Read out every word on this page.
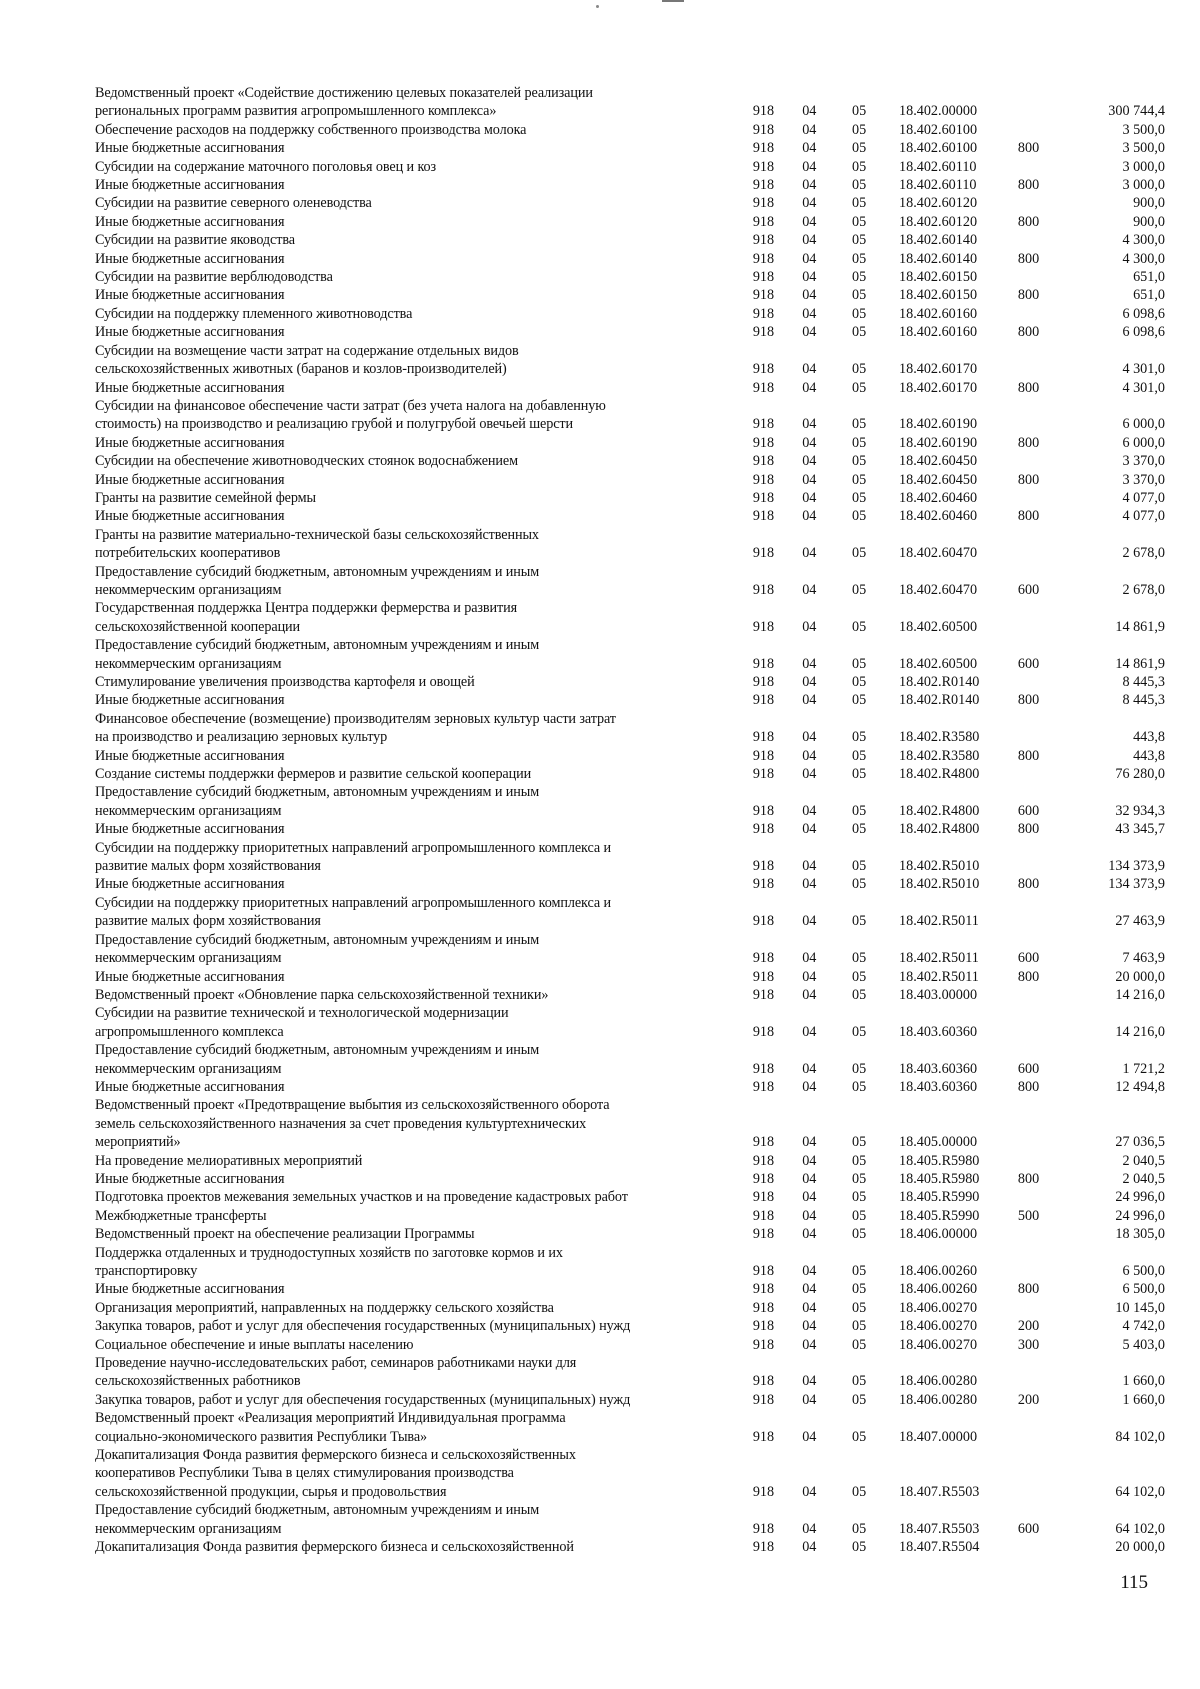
Ведомственный проект «Содействие достижению целевых показателей реализации
региональных программ развития агропромышленного комплекса»	918	04	05	18.402.00000	300 744,4
Обеспечение расходов на поддержку собственного производства молока	918	04	05	18.402.60100	3 500,0
Иные бюджетные ассигнования	918	04	05	18.402.60100	800	3 500,0
Субсидии на содержание маточного поголовья овец и коз	918	04	05	18.402.60110	3 000,0
Иные бюджетные ассигнования	918	04	05	18.402.60110	800	3 000,0
Субсидии на развитие северного оленеводства	918	04	05	18.402.60120	900,0
Иные бюджетные ассигнования	918	04	05	18.402.60120	800	900,0
Субсидии на развитие яководства	918	04	05	18.402.60140	4 300,0
Иные бюджетные ассигнования	918	04	05	18.402.60140	800	4 300,0
Субсидии на развитие верблюдоводства	918	04	05	18.402.60150	651,0
Иные бюджетные ассигнования	918	04	05	18.402.60150	800	651,0
Субсидии на поддержку племенного животноводства	918	04	05	18.402.60160	6 098,6
Иные бюджетные ассигнования	918	04	05	18.402.60160	800	6 098,6
Субсидии на возмещение части затрат на содержание отдельных видов
сельскохозяйственных животных (баранов и козлов-производителей)	918	04	05	18.402.60170	4 301,0
Иные бюджетные ассигнования	918	04	05	18.402.60170	800	4 301,0
Субсидии на финансовое обеспечение части затрат (без учета налога на добавленную
стоимость) на производство и реализацию грубой и полугрубой овечьей шерсти	918	04	05	18.402.60190	6 000,0
Иные бюджетные ассигнования	918	04	05	18.402.60190	800	6 000,0
Субсидии на обеспечение животноводческих стоянок водоснабжением	918	04	05	18.402.60450	3 370,0
Иные бюджетные ассигнования	918	04	05	18.402.60450	800	3 370,0
Гранты на развитие семейной фермы	918	04	05	18.402.60460	4 077,0
Иные бюджетные ассигнования	918	04	05	18.402.60460	800	4 077,0
Гранты на развитие материально-технической базы сельскохозяйственных
потребительских кооперативов	918	04	05	18.402.60470	2 678,0
Предоставление субсидий бюджетным, автономным учреждениям и иным
некоммерческим организациям	918	04	05	18.402.60470	600	2 678,0
Государственная поддержка Центра поддержки фермерства и развития
сельскохозяйственной кооперации	918	04	05	18.402.60500	14 861,9
Предоставление субсидий бюджетным, автономным учреждениям и иным
некоммерческим организациям	918	04	05	18.402.60500	600	14 861,9
Стимулирование увеличения производства картофеля и овощей	918	04	05	18.402.R0140	8 445,3
Иные бюджетные ассигнования	918	04	05	18.402.R0140	800	8 445,3
Финансовое обеспечение (возмещение) производителям зерновых культур части затрат
на производство и реализацию зерновых культур	918	04	05	18.402.R3580	443,8
Иные бюджетные ассигнования	918	04	05	18.402.R3580	800	443,8
Создание системы поддержки фермеров и развитие сельской кооперации	918	04	05	18.402.R4800	76 280,0
Предоставление субсидий бюджетным, автономным учреждениям и иным
некоммерческим организациям	918	04	05	18.402.R4800	600	32 934,3
Иные бюджетные ассигнования	918	04	05	18.402.R4800	800	43 345,7
Субсидии на поддержку приоритетных направлений агропромышленного комплекса и
развитие малых форм хозяйствования	918	04	05	18.402.R5010	134 373,9
Иные бюджетные ассигнования	918	04	05	18.402.R5010	800	134 373,9
Субсидии на поддержку приоритетных направлений агропромышленного комплекса и
развитие малых форм хозяйствования	918	04	05	18.402.R5011	27 463,9
Предоставление субсидий бюджетным, автономным учреждениям и иным
некоммерческим организациям	918	04	05	18.402.R5011	600	7 463,9
Иные бюджетные ассигнования	918	04	05	18.402.R5011	800	20 000,0
Ведомственный проект «Обновление парка сельскохозяйственной техники»	918	04	05	18.403.00000	14 216,0
Субсидии на развитие технической и технологической модернизации
агропромышленного комплекса	918	04	05	18.403.60360	14 216,0
Предоставление субсидий бюджетным, автономным учреждениям и иным
некоммерческим организациям	918	04	05	18.403.60360	600	1 721,2
Иные бюджетные ассигнования	918	04	05	18.403.60360	800	12 494,8
Ведомственный проект «Предотвращение выбытия из сельскохозяйственного оборота
земель сельскохозяйственного назначения за счет проведения культуртехнических
мероприятий»	918	04	05	18.405.00000	27 036,5
На проведение мелиоративных мероприятий	918	04	05	18.405.R5980	2 040,5
Иные бюджетные ассигнования	918	04	05	18.405.R5980	800	2 040,5
Подготовка проектов межевания земельных участков и на проведение кадастровых работ	918	04	05	18.405.R5990	24 996,0
Межбюджетные трансферты	918	04	05	18.405.R5990	500	24 996,0
Ведомственный проект на обеспечение реализации Программы	918	04	05	18.406.00000	18 305,0
Поддержка отдаленных и труднодоступных хозяйств по заготовке кормов и их
транспортировку	918	04	05	18.406.00260	6 500,0
Иные бюджетные ассигнования	918	04	05	18.406.00260	800	6 500,0
Организация мероприятий, направленных на поддержку сельского хозяйства	918	04	05	18.406.00270	10 145,0
Закупка товаров, работ и услуг для обеспечения государственных (муниципальных) нужд	918	04	05	18.406.00270	200	4 742,0
Социальное обеспечение и иные выплаты населению	918	04	05	18.406.00270	300	5 403,0
Проведение научно-исследовательских работ, семинаров работниками науки для
сельскохозяйственных работников	918	04	05	18.406.00280	1 660,0
Закупка товаров, работ и услуг для обеспечения государственных (муниципальных) нужд	918	04	05	18.406.00280	200	1 660,0
Ведомственный проект «Реализация мероприятий Индивидуальная программа
социально-экономического развития Республики Тыва»	918	04	05	18.407.00000	84 102,0
Докапитализация Фонда развития фермерского бизнеса и сельскохозяйственных
кооперативов Республики Тыва в целях стимулирования производства
сельскохозяйственной продукции, сырья и продовольствия	918	04	05	18.407.R5503	64 102,0
Предоставление субсидий бюджетным, автономным учреждениям и иным
некоммерческим организациям	918	04	05	18.407.R5503	600	64 102,0
Докапитализация Фонда развития фермерского бизнеса и сельскохозяйственной	918	04	05	18.407.R5504	20 000,0
115
